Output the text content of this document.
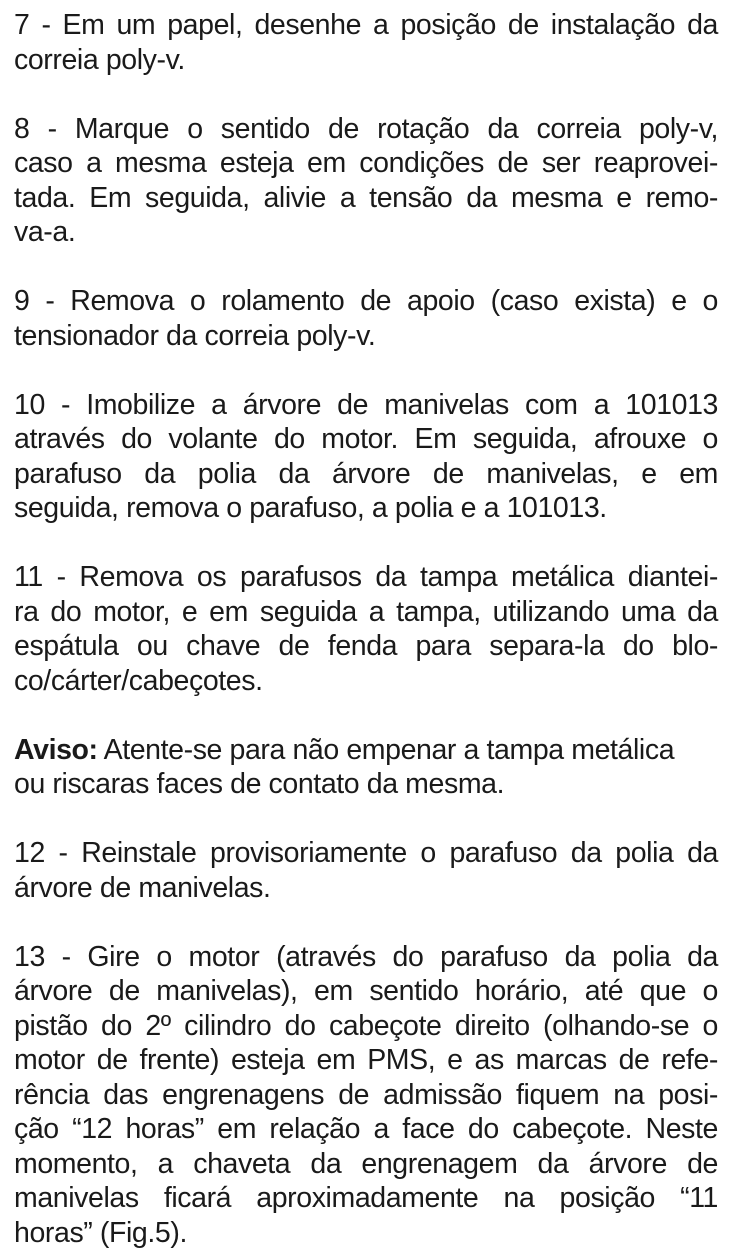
7 - Em um papel, desenhe a posição de instalação da
correia poly-v.
8 - Marque o sentido de rotação da correia poly-v,
caso a mesma esteja em condições de ser reaprovei-
tada. Em seguida, alivie a tensão da mesma e remo-
va-a.
9 - Remova o rolamento de apoio (caso exista) e o
tensionador da correia poly-v.
10 - Imobilize a árvore de manivelas com a 101013
através do volante do motor. Em seguida, afrouxe o
parafuso da polia da árvore de manivelas, e em
seguida, remova o parafuso, a polia e a 101013.
11 - Remova os parafusos da tampa metálica diantei-
ra do motor, e em seguida a tampa, utilizando uma da
espátula ou chave de fenda para separa-la do blo-
co/cárter/cabeçotes.
Aviso: Atente-se para não empenar a tampa metálica
ou riscaras faces de contato da mesma.
12 - Reinstale provisoriamente o parafuso da polia da
árvore de manivelas.
13 - Gire o motor (através do parafuso da polia da
árvore de manivelas), em sentido horário, até que o
pistão do 2º cilindro do cabeçote direito (olhando-se o
motor de frente) esteja em PMS, e as marcas de refe-
rência das engrenagens de admissão fiquem na posi-
ção “12 horas” em relação a face do cabeçote. Neste
momento, a chaveta da engrenagem da árvore de
manivelas ficará aproximadamente na posição “11
horas” (Fig.5).
